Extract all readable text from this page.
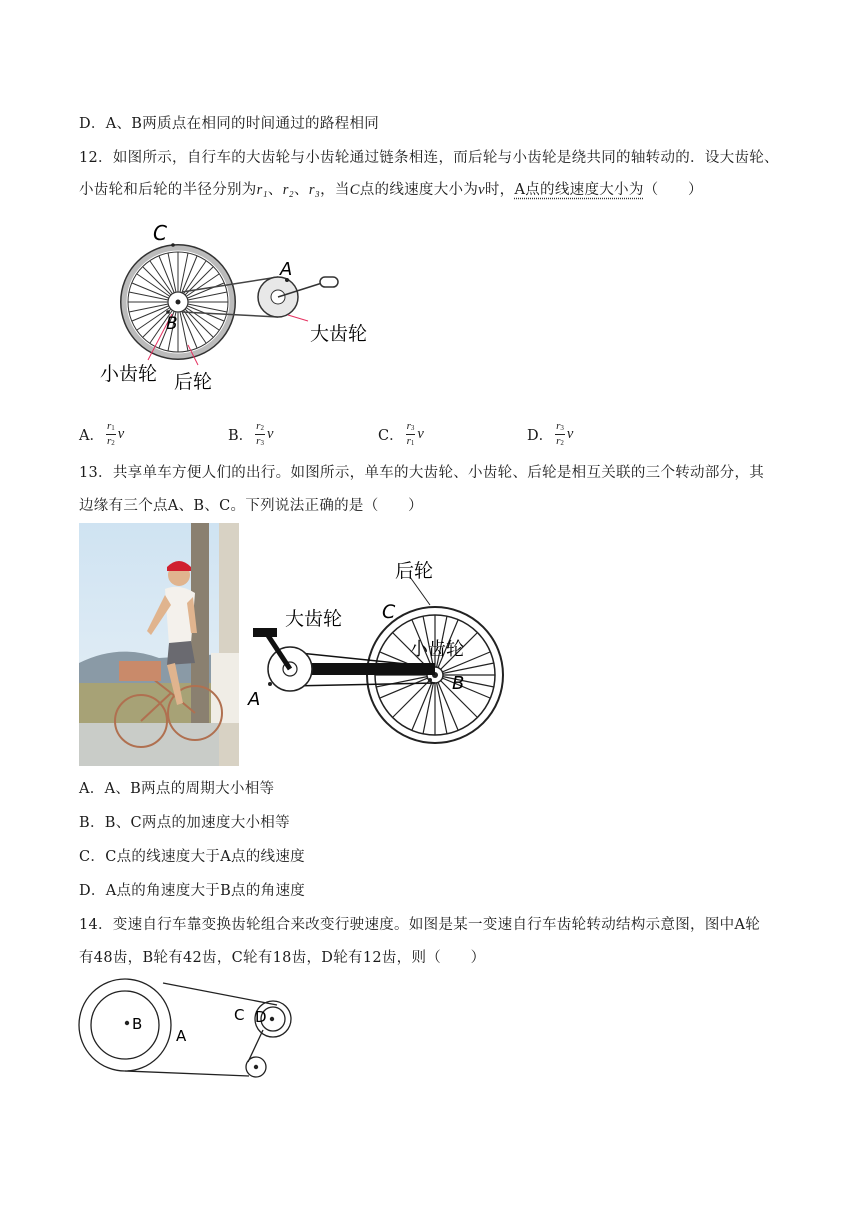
D．A、B两质点在相同的时间通过的路程相同
12．如图所示，自行车的大齿轮与小齿轮通过链条相连，而后轮与小齿轮是绕共同的轴转动的．设大齿轮、
小齿轮和后轮的半径分别为r₁、r₂、r₃，当C点的线速度大小为v时，A点的线速度大小为（　　）
C
A
B
小齿轮 后轮
大齿轮
A． $\frac{r_1}{r_2}$ v	B． $\frac{r_2}{r_3}$ v	C． $\frac{r_3}{r_1}$ v	D． $\frac{r_3}{r_2}$ v
13．共享单车方便人们的出行。如图所示，单车的大齿轮、小齿轮、后轮是相互关联的三个转动部分，其
边缘有三个点A、B、C。下列说法正确的是（　　）
后轮
C
大齿轮
小齿轮
B
A
A．A、B两点的周期大小相等
B．B、C两点的加速度大小相等
C．C点的线速度大于A点的线速度
D．A点的角速度大于B点的角速度
14．变速自行车靠变换齿轮组合来改变行驶速度。如图是某一变速自行车齿轮转动结构示意图，图中A轮
有48齿，B轮有42齿，C轮有18齿，D轮有12齿，则（　　）
B
A
C D
